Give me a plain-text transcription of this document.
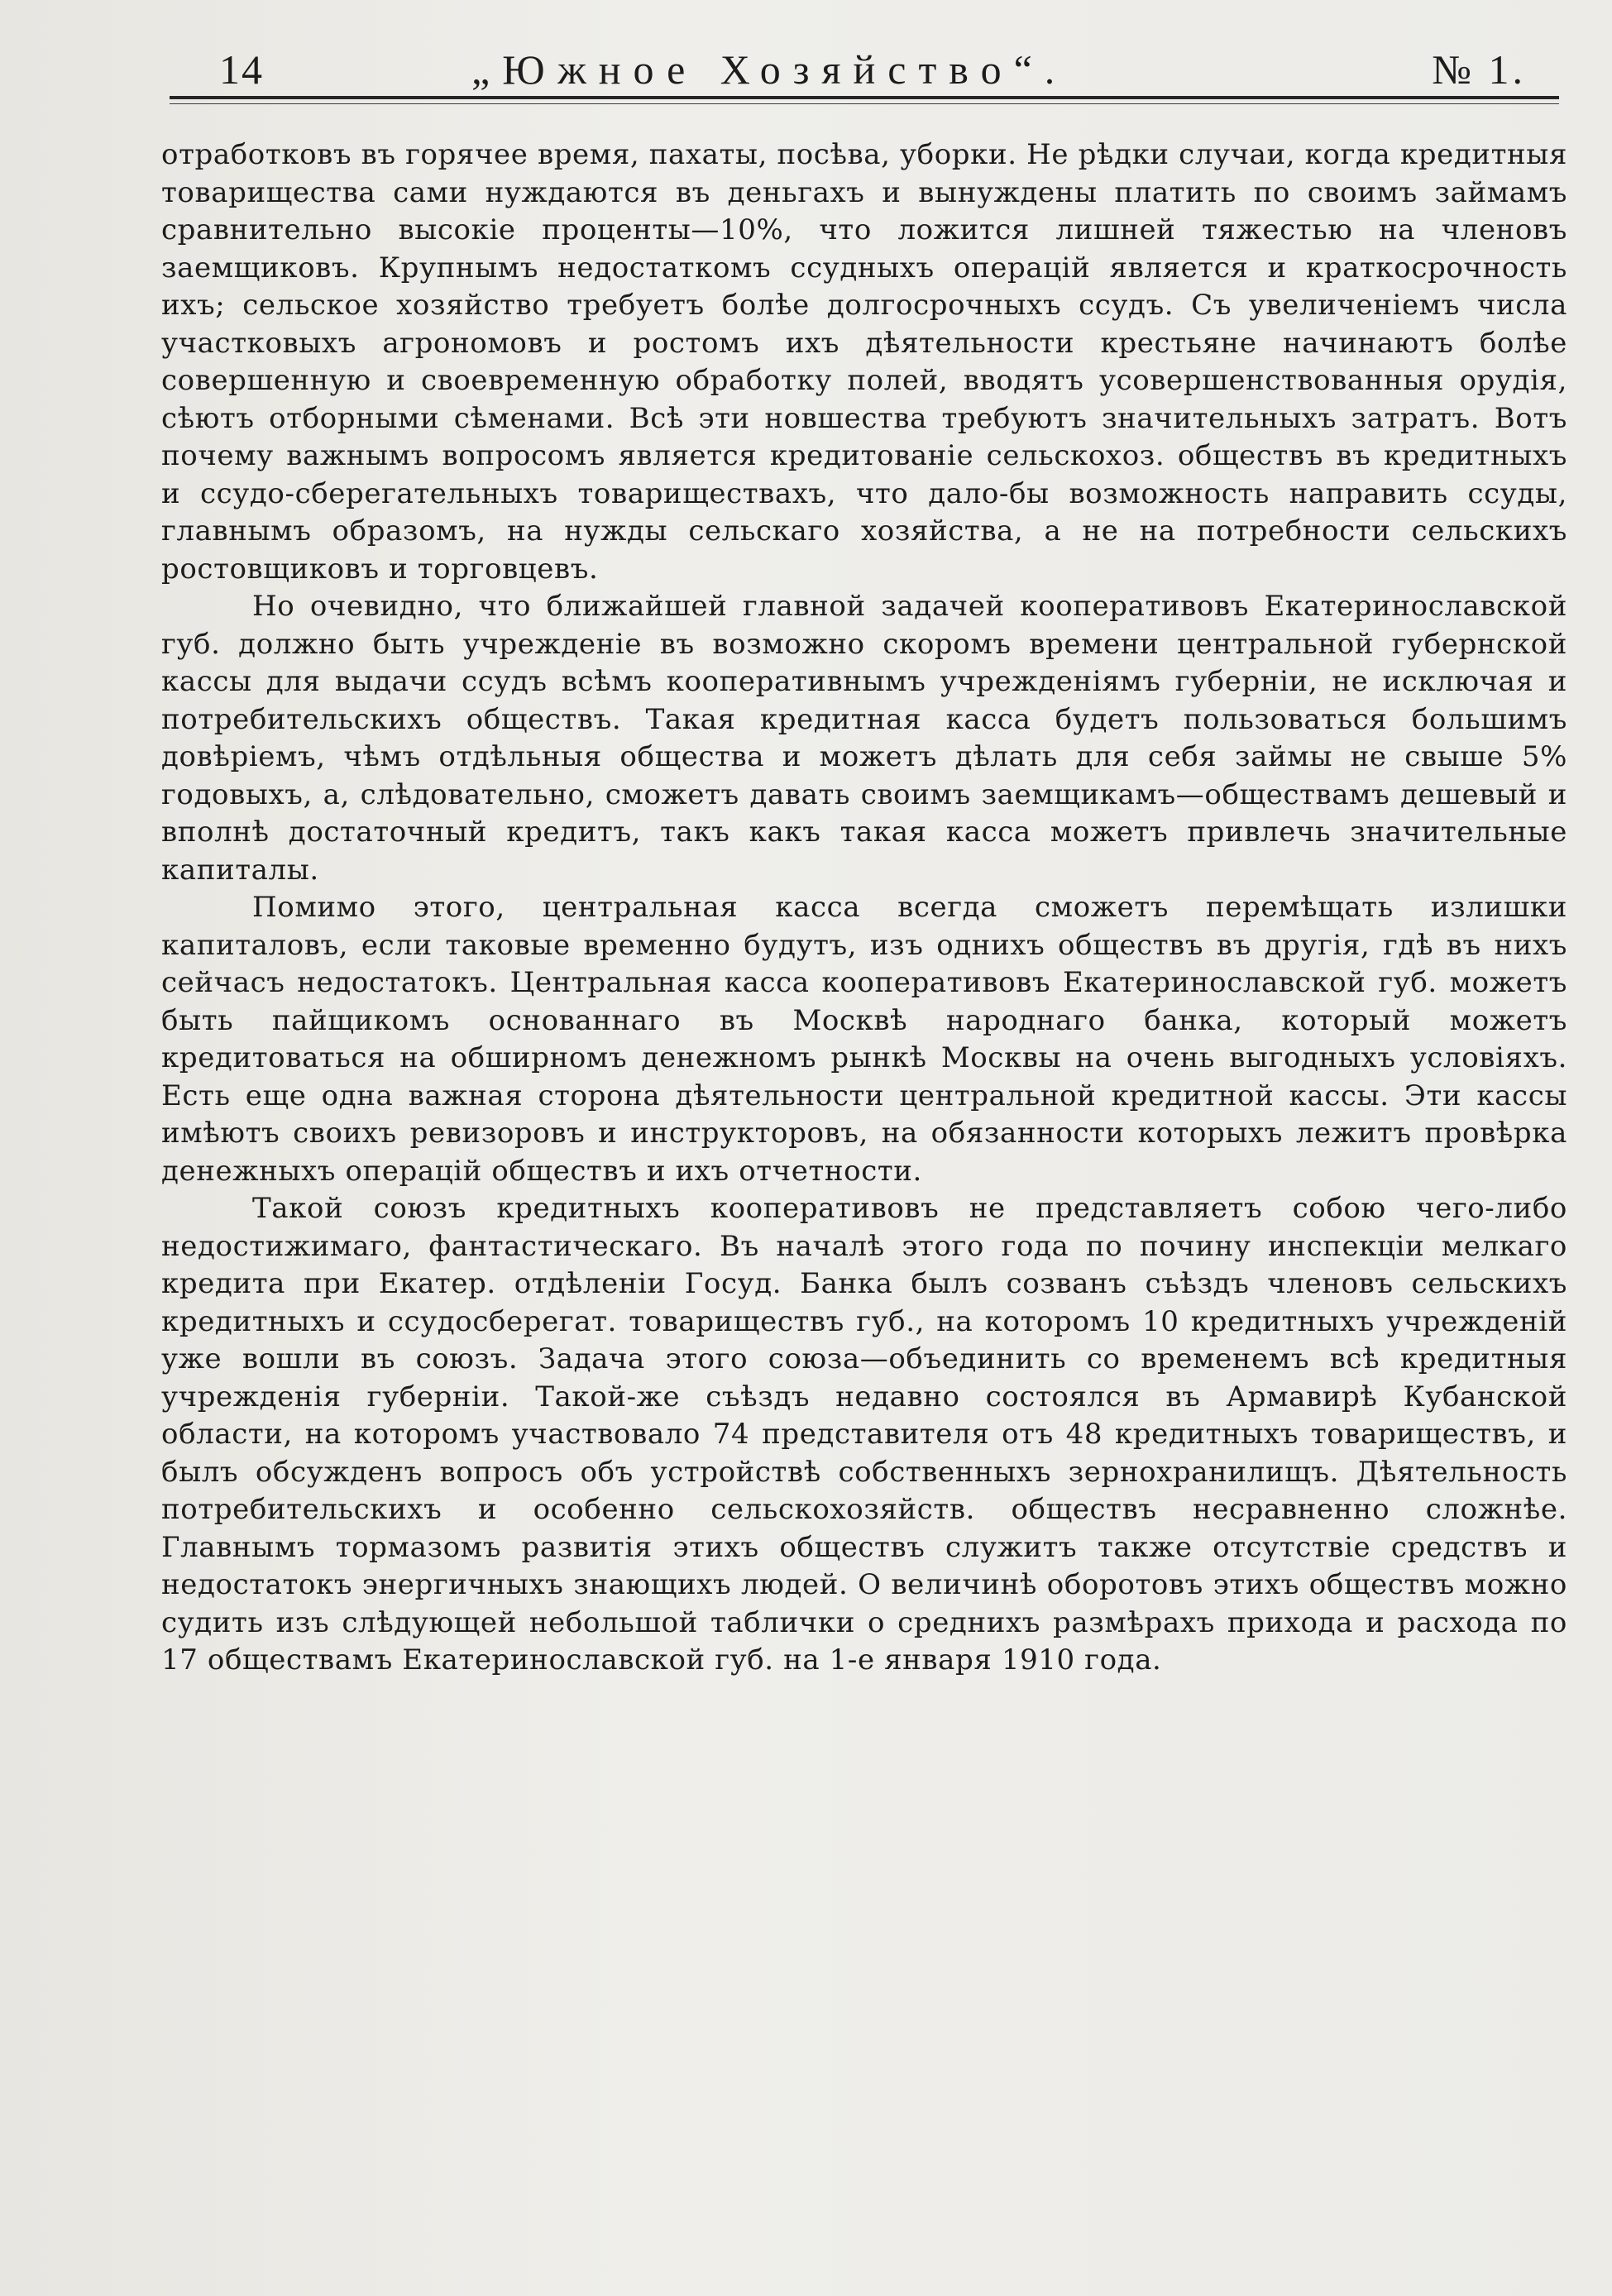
14	„Южное Хозяйство“.	№ 1.

отработковъ въ горячее время, пахаты, посѣва, уборки. Не рѣдки случаи, когда кредитныя товарищества сами нуждаются въ деньгахъ и вынуждены платить по своимъ займамъ сравнительно высокіе проценты—10%, что ложится лишней тяжестью на членовъ заемщиковъ. Крупнымъ недостаткомъ ссудныхъ операцій является и краткосрочность ихъ; сельское хозяйство требуетъ болѣе долгосрочныхъ ссудъ. Съ увеличеніемъ числа участковыхъ агрономовъ и ростомъ ихъ дѣятельности крестьяне начинаютъ болѣе совершенную и своевременную обработку полей, вводятъ усовершенствованныя орудія, сѣютъ отборными сѣменами. Всѣ эти новшества требуютъ значительныхъ затратъ. Вотъ почему важнымъ вопросомъ является кредитованіе сельскохоз. обществъ въ кредитныхъ и ссудо-сберегательныхъ товариществахъ, что дало-бы возможность направить ссуды, главнымъ образомъ, на нужды сельскаго хозяйства, а не на потребности сельскихъ ростовщиковъ и торговцевъ.

Но очевидно, что ближайшей главной задачей кооперативовъ Екатеринославской губ. должно быть учрежденіе въ возможно скоромъ времени центральной губернской кассы для выдачи ссудъ всѣмъ кооперативнымъ учрежденіямъ губерніи, не исключая и потребительскихъ обществъ. Такая кредитная касса будетъ пользоваться большимъ довѣріемъ, чѣмъ отдѣльныя общества и можетъ дѣлать для себя займы не свыше 5% годовыхъ, а, слѣдовательно, сможетъ давать своимъ заемщикамъ—обществамъ дешевый и вполнѣ достаточный кредитъ, такъ какъ такая касса можетъ привлечь значительные капиталы.

Помимо этого, центральная касса всегда сможетъ перемѣщать излишки капиталовъ, если таковые временно будутъ, изъ однихъ обществъ въ другія, гдѣ въ нихъ сейчасъ недостатокъ. Центральная касса кооперативовъ Екатеринославской губ. можетъ быть пайщикомъ основаннаго въ Москвѣ народнаго банка, который можетъ кредитоваться на обширномъ денежномъ рынкѣ Москвы на очень выгодныхъ условіяхъ. Есть еще одна важная сторона дѣятельности центральной кредитной кассы. Эти кассы имѣютъ своихъ ревизоровъ и инструкторовъ, на обязанности которыхъ лежитъ провѣрка денежныхъ операцій обществъ и ихъ отчетности.

Такой союзъ кредитныхъ кооперативовъ не представляетъ собою чего-либо недостижимаго, фантастическаго. Въ началѣ этого года по почину инспекціи мелкаго кредита при Екатер. отдѣленіи Госуд. Банка былъ созванъ съѣздъ членовъ сельскихъ кредитныхъ и ссудосберегат. товариществъ губ., на которомъ 10 кредитныхъ учрежденій уже вошли въ союзъ. Задача этого союза—объединить со временемъ всѣ кредитныя учрежденія губерніи. Такой-же съѣздъ недавно состоялся въ Армавирѣ Кубанской области, на которомъ участвовало 74 представителя отъ 48 кредитныхъ товариществъ, и былъ обсужденъ вопросъ объ устройствѣ собственныхъ зернохранилищъ. Дѣятельность потребительскихъ и особенно сельскохозяйств. обществъ несравненно сложнѣе. Главнымъ тормазомъ развитія этихъ обществъ служитъ также отсутствіе средствъ и недостатокъ энергичныхъ знающихъ людей. О величинѣ оборотовъ этихъ обществъ можно судить изъ слѣдующей небольшой таблички о среднихъ размѣрахъ прихода и расхода по 17 обществамъ Екатеринославской губ. на 1-е января 1910 года.
